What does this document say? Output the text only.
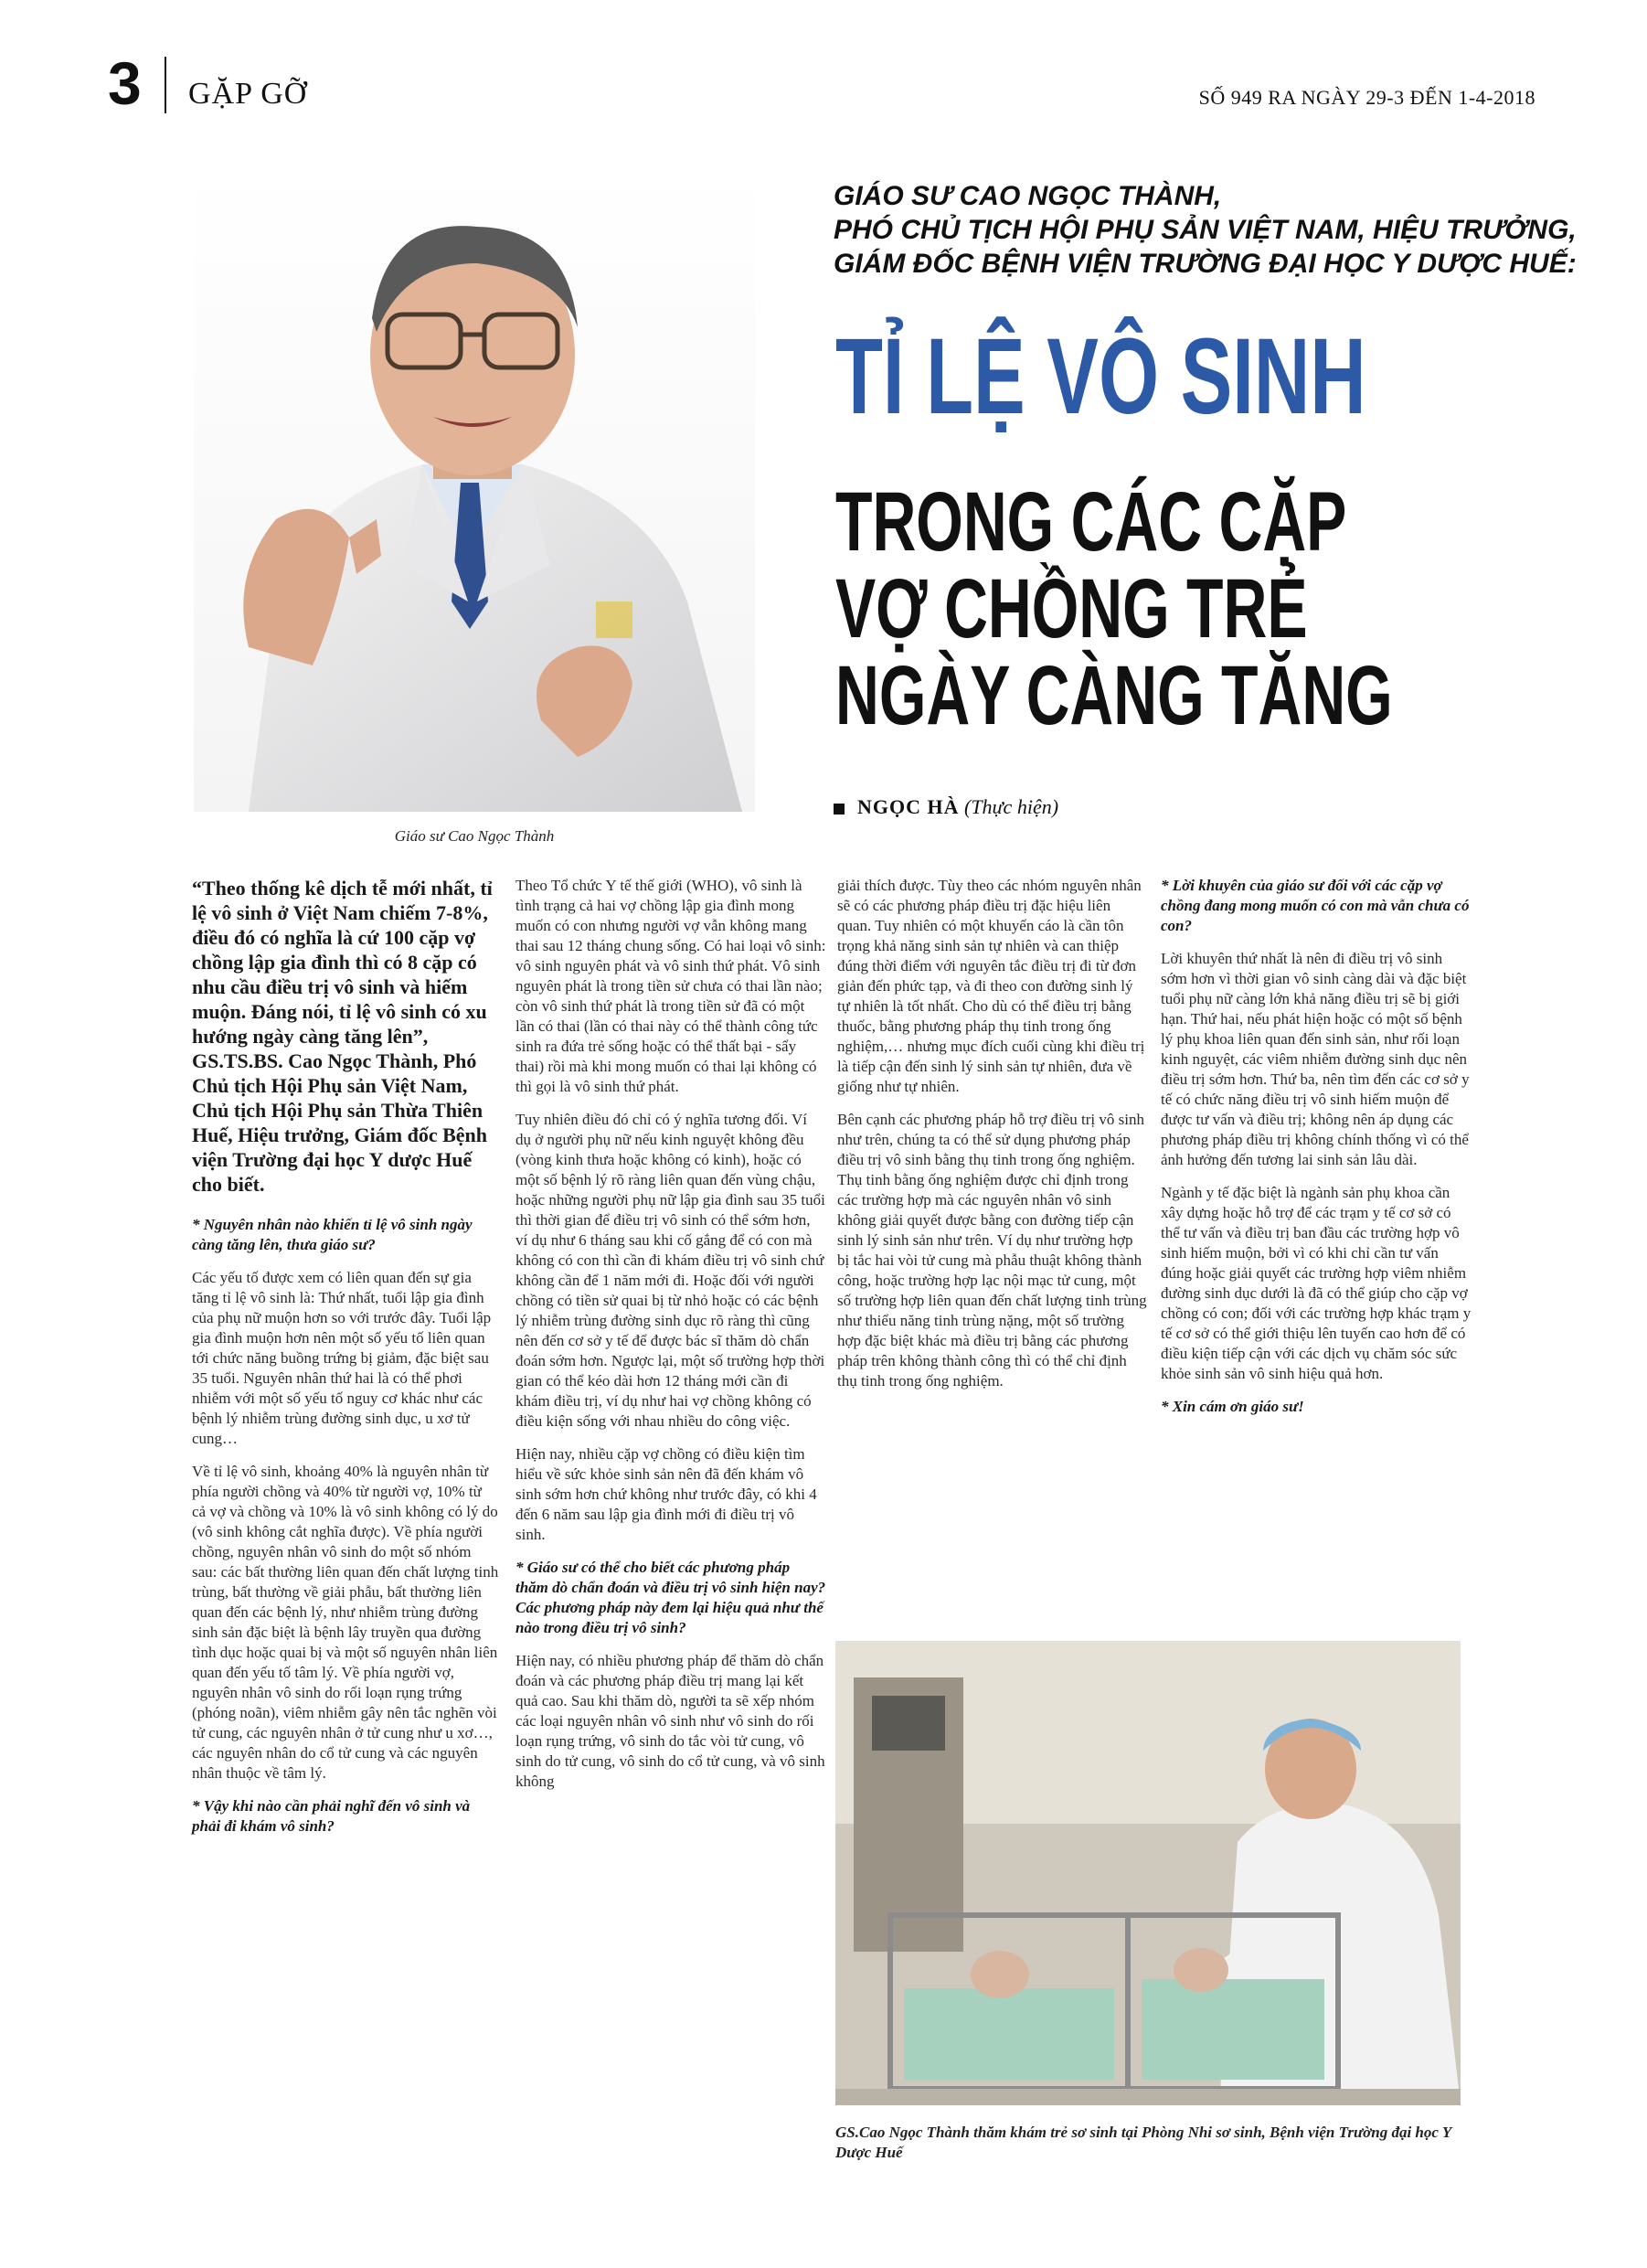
3 GẶP GỠ	SỐ 949 RA NGÀY 29-3 ĐẾN 1-4-2018
Giáo sư Cao Ngọc Thành
GIÁO SƯ CAO NGỌC THÀNH,
PHÓ CHỦ TỊCH HỘI PHỤ SẢN VIỆT NAM, HIỆU TRƯỞNG,
GIÁM ĐỐC BỆNH VIỆN TRƯỜNG ĐẠI HỌC Y DƯỢC HUẾ:
TỈ LỆ VÔ SINH
TRONG CÁC CẶP
VỢ CHỒNG TRẺ
NGÀY CÀNG TĂNG
NGỌC HÀ (Thực hiện)

“Theo thống kê dịch tễ mới nhất, tỉ lệ vô sinh ở Việt Nam chiếm 7-8%, điều đó có nghĩa là cứ 100 cặp vợ chồng lập gia đình thì có 8 cặp có nhu cầu điều trị vô sinh và hiếm muộn. Đáng nói, tỉ lệ vô sinh có xu hướng ngày càng tăng lên”, GS.TS.BS. Cao Ngọc Thành, Phó Chủ tịch Hội Phụ sản Việt Nam, Chủ tịch Hội Phụ sản Thừa Thiên Huế, Hiệu trưởng, Giám đốc Bệnh viện Trường đại học Y dược Huế cho biết.

* Nguyên nhân nào khiến tỉ lệ vô sinh ngày càng tăng lên, thưa giáo sư?

Các yếu tố được xem có liên quan đến sự gia tăng tỉ lệ vô sinh là: Thứ nhất, tuổi lập gia đình của phụ nữ muộn hơn so với trước đây. Tuổi lập gia đình muộn hơn nên một số yếu tố liên quan tới chức năng buồng trứng bị giảm, đặc biệt sau 35 tuổi. Nguyên nhân thứ hai là có thể phơi nhiễm với một số yếu tố nguy cơ khác như các bệnh lý nhiễm trùng đường sinh dục, u xơ tử cung…

Về tỉ lệ vô sinh, khoảng 40% là nguyên nhân từ phía người chồng và 40% từ người vợ, 10% từ cả vợ và chồng và 10% là vô sinh không có lý do (vô sinh không cắt nghĩa được). Về phía người chồng, nguyên nhân vô sinh do một số nhóm sau: các bất thường liên quan đến chất lượng tinh trùng, bất thường về giải phẫu, bất thường liên quan đến các bệnh lý, như nhiễm trùng đường sinh sản đặc biệt là bệnh lây truyền qua đường tình dục hoặc quai bị và một số nguyên nhân liên quan đến yếu tố tâm lý. Về phía người vợ, nguyên nhân vô sinh do rối loạn rụng trứng (phóng noãn), viêm nhiễm gây nên tắc nghẽn vòi tử cung, các nguyên nhân ở tử cung như u xơ…, các nguyên nhân do cổ tử cung và các nguyên nhân thuộc về tâm lý.

* Vậy khi nào cần phải nghĩ đến vô sinh và phải đi khám vô sinh?

Theo Tổ chức Y tế thế giới (WHO), vô sinh là tình trạng cả hai vợ chồng lập gia đình mong muốn có con nhưng người vợ vẫn không mang thai sau 12 tháng chung sống. Có hai loại vô sinh: vô sinh nguyên phát và vô sinh thứ phát. Vô sinh nguyên phát là trong tiền sử chưa có thai lần nào; còn vô sinh thứ phát là trong tiền sử đã có một lần có thai (lần có thai này có thể thành công tức sinh ra đứa trẻ sống hoặc có thể thất bại - sẩy thai) rồi mà khi mong muốn có thai lại không có thì gọi là vô sinh thứ phát.

Tuy nhiên điều đó chỉ có ý nghĩa tương đối. Ví dụ ở người phụ nữ nếu kinh nguyệt không đều (vòng kinh thưa hoặc không có kinh), hoặc có một số bệnh lý rõ ràng liên quan đến vùng chậu, hoặc những người phụ nữ lập gia đình sau 35 tuổi thì thời gian để điều trị vô sinh có thể sớm hơn, ví dụ như 6 tháng sau khi cố gắng để có con mà không có con thì cần đi khám điều trị vô sinh chứ không cần để 1 năm mới đi. Hoặc đối với người chồng có tiền sử quai bị từ nhỏ hoặc có các bệnh lý nhiễm trùng đường sinh dục rõ ràng thì cũng nên đến cơ sở y tế để được bác sĩ thăm dò chẩn đoán sớm hơn. Ngược lại, một số trường hợp thời gian có thể kéo dài hơn 12 tháng mới cần đi khám điều trị, ví dụ như hai vợ chồng không có điều kiện sống với nhau nhiều do công việc.

Hiện nay, nhiều cặp vợ chồng có điều kiện tìm hiểu về sức khỏe sinh sản nên đã đến khám vô sinh sớm hơn chứ không như trước đây, có khi 4 đến 6 năm sau lập gia đình mới đi điều trị vô sinh.

* Giáo sư có thể cho biết các phương pháp thăm dò chẩn đoán và điều trị vô sinh hiện nay? Các phương pháp này đem lại hiệu quả như thế nào trong điều trị vô sinh?

Hiện nay, có nhiều phương pháp để thăm dò chẩn đoán và các phương pháp điều trị mang lại kết quả cao. Sau khi thăm dò, người ta sẽ xếp nhóm các loại nguyên nhân vô sinh như vô sinh do rối loạn rụng trứng, vô sinh do tắc vòi tử cung, vô sinh do tử cung, vô sinh do cổ tử cung, và vô sinh không

giải thích được. Tùy theo các nhóm nguyên nhân sẽ có các phương pháp điều trị đặc hiệu liên quan. Tuy nhiên có một khuyến cáo là cần tôn trọng khả năng sinh sản tự nhiên và can thiệp đúng thời điểm với nguyên tắc điều trị đi từ đơn giản đến phức tạp, và đi theo con đường sinh lý tự nhiên là tốt nhất. Cho dù có thể điều trị bằng thuốc, bằng phương pháp thụ tinh trong ống nghiệm,… nhưng mục đích cuối cùng khi điều trị là tiếp cận đến sinh lý sinh sản tự nhiên, đưa về giống như tự nhiên.

Bên cạnh các phương pháp hỗ trợ điều trị vô sinh như trên, chúng ta có thể sử dụng phương pháp điều trị vô sinh bằng thụ tinh trong ống nghiệm. Thụ tinh bằng ống nghiệm được chỉ định trong các trường hợp mà các nguyên nhân vô sinh không giải quyết được bằng con đường tiếp cận sinh lý sinh sản như trên. Ví dụ như trường hợp bị tắc hai vòi tử cung mà phẫu thuật không thành công, hoặc trường hợp lạc nội mạc tử cung, một số trường hợp liên quan đến chất lượng tinh trùng như thiểu năng tinh trùng nặng, một số trường hợp đặc biệt khác mà điều trị bằng các phương pháp trên không thành công thì có thể chỉ định thụ tinh trong ống nghiệm.

* Lời khuyên của giáo sư đối với các cặp vợ chồng đang mong muốn có con mà vẫn chưa có con?

Lời khuyên thứ nhất là nên đi điều trị vô sinh sớm hơn vì thời gian vô sinh càng dài và đặc biệt tuổi phụ nữ càng lớn khả năng điều trị sẽ bị giới hạn. Thứ hai, nếu phát hiện hoặc có một số bệnh lý phụ khoa liên quan đến sinh sản, như rối loạn kinh nguyệt, các viêm nhiễm đường sinh dục nên điều trị sớm hơn. Thứ ba, nên tìm đến các cơ sở y tế có chức năng điều trị vô sinh hiếm muộn để được tư vấn và điều trị; không nên áp dụng các phương pháp điều trị không chính thống vì có thể ảnh hưởng đến tương lai sinh sản lâu dài.

Ngành y tế đặc biệt là ngành sản phụ khoa cần xây dựng hoặc hỗ trợ để các trạm y tế cơ sở có thể tư vấn và điều trị ban đầu các trường hợp vô sinh hiếm muộn, bởi vì có khi chỉ cần tư vấn đúng hoặc giải quyết các trường hợp viêm nhiễm đường sinh dục dưới là đã có thể giúp cho cặp vợ chồng có con; đối với các trường hợp khác trạm y tế cơ sở có thể giới thiệu lên tuyến cao hơn để có điều kiện tiếp cận với các dịch vụ chăm sóc sức khỏe sinh sản vô sinh hiệu quả hơn.

* Xin cám ơn giáo sư!

GS.Cao Ngọc Thành thăm khám trẻ sơ sinh tại Phòng Nhi sơ sinh, Bệnh viện Trường đại học Y Dược Huế
